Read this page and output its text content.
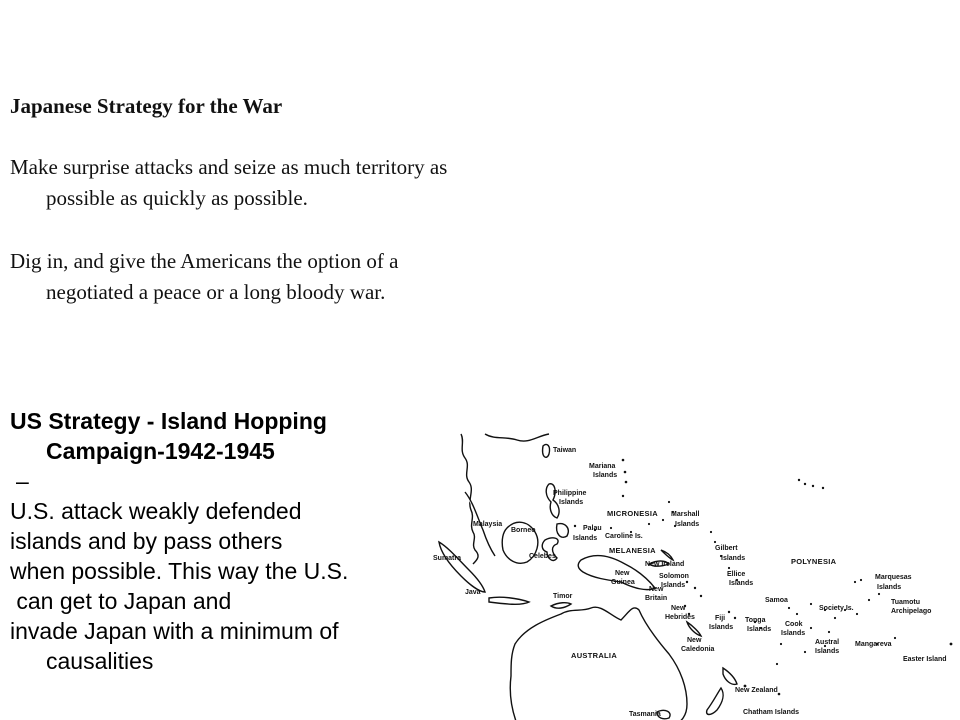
Japanese Strategy for the War
Make surprise attacks and seize as much territory as possible as quickly as possible.
Dig in, and give the Americans the option of a negotiated a peace or a long bloody war.
US Strategy - Island Hopping
Campaign-1942-1945
–
U.S. attack weakly defended
islands and by pass others
when possible. This way the U.S.
can get to Japan and
invade Japan with a minimum of
causalities
Taiwan
Mariana
Islands
Philippine
Islands
MICRONESIA Marshall
Islands
Malaysia
Palau
Islands Caroline Is.
MELANESIA
Borneo
Gilbert
Islands	POLYNESIA
Sumatra	Celebes
New Ireland
New
Guinea
Solomon
Islands
Ellice
Islands
Marquesas
Islands
Java
Timor
New
Britain	Samoa
Society Is.
Tuamotu
Archipelago
New
Hebrides	Fiji
Islands
Tonga
Islands
Cook
Islands
Austral
Islands
New
Caledonia
Mangareva
AUSTRALIA	Easter Island
New Zealand
Chatham Islands
Tasmania
